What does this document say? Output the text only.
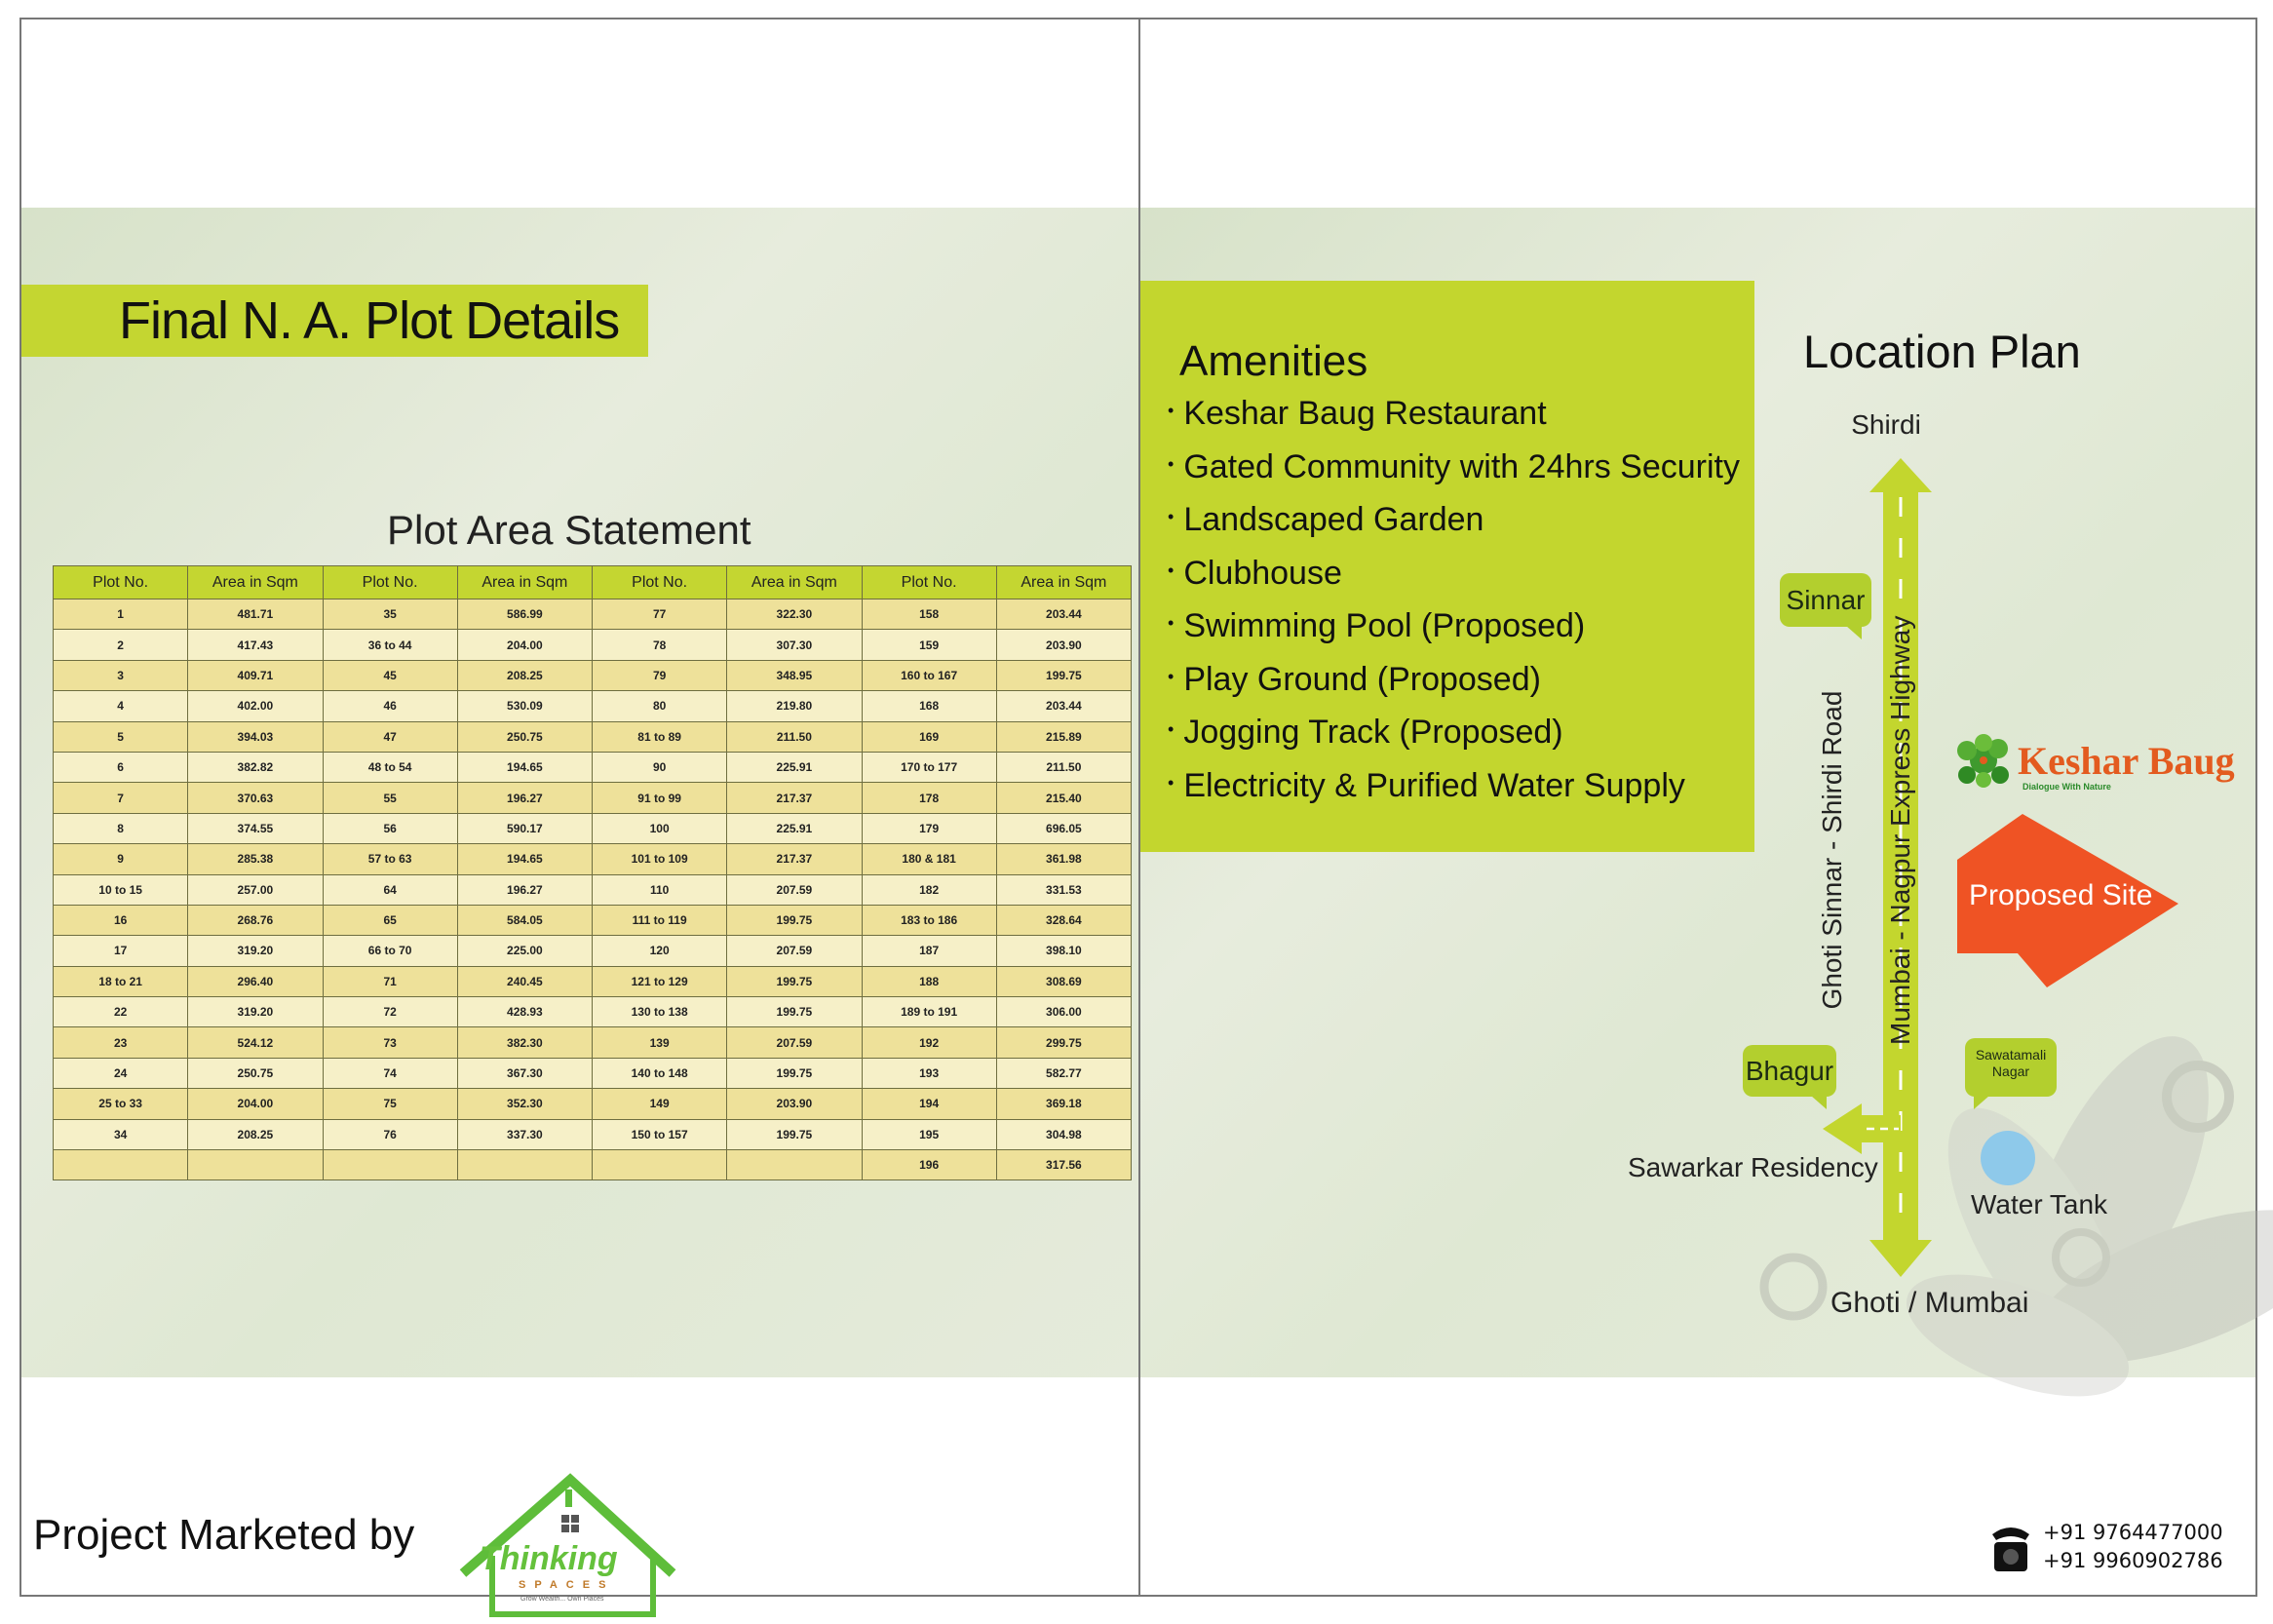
Final N. A. Plot Details
Plot Area Statement
Plot No.	Area in Sqm	Plot No.	Area in Sqm	Plot No.	Area in Sqm	Plot No.	Area in Sqm
1	481.71	35	586.99	77	322.30	158	203.44
2	417.43	36 to 44	204.00	78	307.30	159	203.90
3	409.71	45	208.25	79	348.95	160 to 167	199.75
4	402.00	46	530.09	80	219.80	168	203.44
5	394.03	47	250.75	81 to 89	211.50	169	215.89
6	382.82	48 to 54	194.65	90	225.91	170 to 177	211.50
7	370.63	55	196.27	91 to 99	217.37	178	215.40
8	374.55	56	590.17	100	225.91	179	696.05
9	285.38	57 to 63	194.65	101 to 109	217.37	180 & 181	361.98
10 to 15	257.00	64	196.27	110	207.59	182	331.53
16	268.76	65	584.05	111 to 119	199.75	183 to 186	328.64
17	319.20	66 to 70	225.00	120	207.59	187	398.10
18 to 21	296.40	71	240.45	121 to 129	199.75	188	308.69
22	319.20	72	428.93	130 to 138	199.75	189 to 191	306.00
23	524.12	73	382.30	139	207.59	192	299.75
24	250.75	74	367.30	140 to 148	199.75	193	582.77
25 to 33	204.00	75	352.30	149	203.90	194	369.18
34	208.25	76	337.30	150 to 157	199.75	195	304.98
						196	317.56
Project Marketed by Thinking
SPACES
Grow Wealth... Own Places
Amenities
• Keshar Baug Restaurant
• Gated Community with 24hrs Security
• Landscaped Garden
• Clubhouse
• Swimming Pool (Proposed)
• Play Ground (Proposed)
• Jogging Track (Proposed)
• Electricity & Purified Water Supply
Location Plan
Shirdi
Ghoti / Mumbai
Mumbai - Nagpur Express Highway
Ghoti Sinnar - Shirdi Road
Sinnar
Bhagur
Sawatamali
Nagar
Sawarkar Residency
Water Tank
Proposed Site
Keshar Baug
Dialogue With Nature
+91 9764477000
+91 9960902786
